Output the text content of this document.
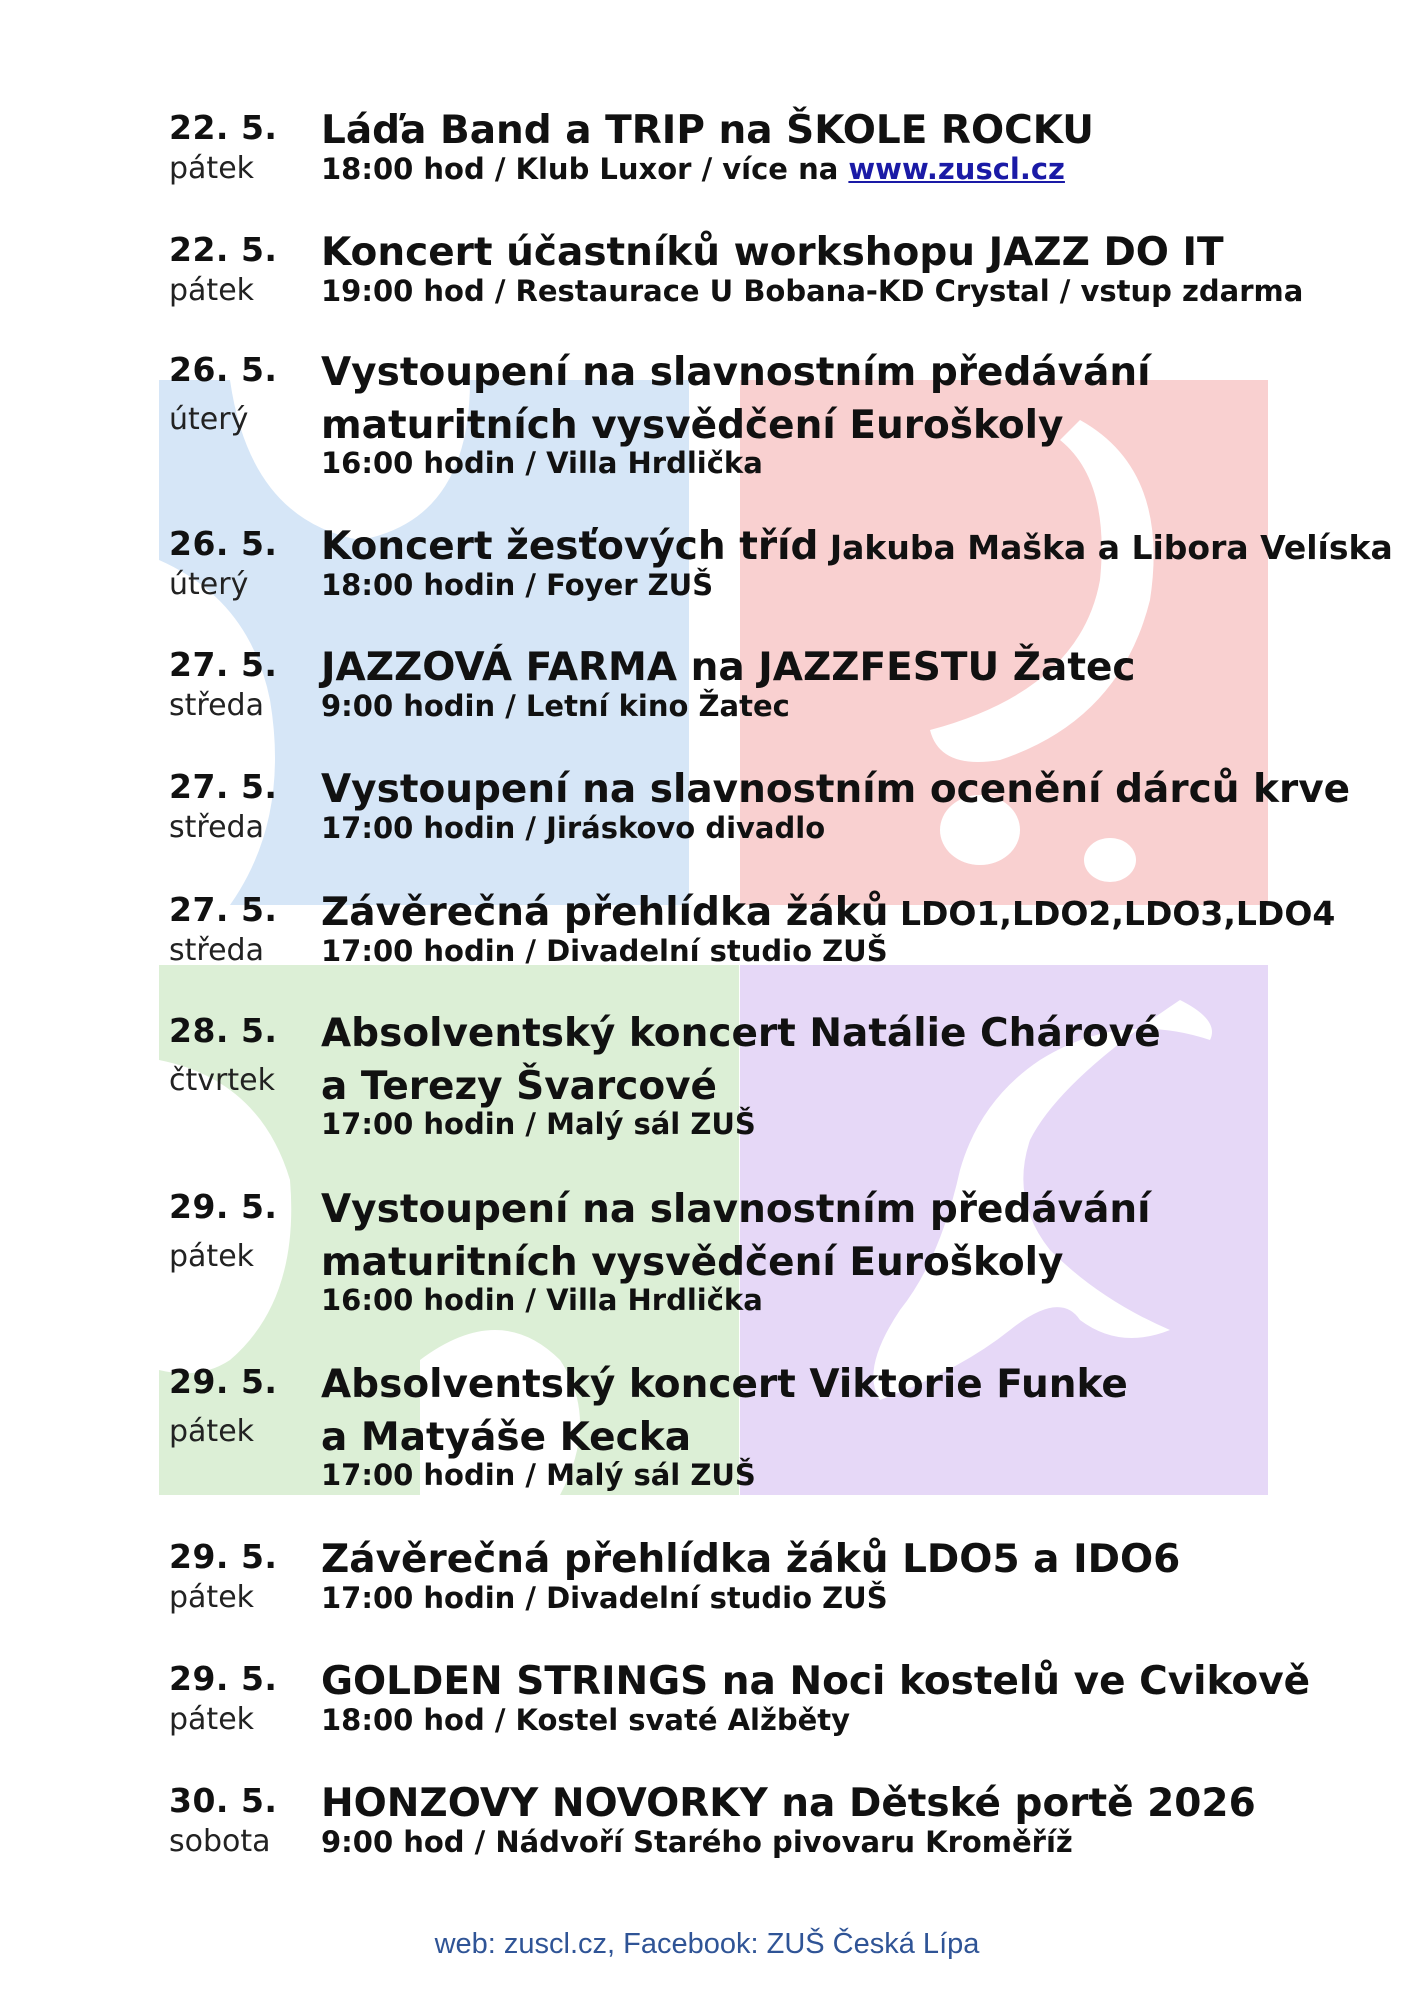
22. 5.
pátek
Láďa Band a TRIP na ŠKOLE ROCKU
18:00 hod / Klub Luxor / více na www.zuscl.cz
22. 5.
pátek
Koncert účastníků workshopu JAZZ DO IT
19:00 hod / Restaurace U Bobana-KD Crystal / vstup zdarma
26. 5.
úterý
Vystoupení na slavnostním předávání
maturitních vysvědčení Euroškoly
16:00 hodin / Villa Hrdlička
26. 5.
úterý
Koncert žesťových tříd Jakuba Maška a Libora Velíska
18:00 hodin / Foyer ZUŠ
27. 5.
středa
JAZZOVÁ FARMA na JAZZFESTU Žatec
9:00 hodin / Letní kino Žatec
27. 5.
středa
Vystoupení na slavnostním ocenění dárců krve
17:00 hodin / Jiráskovo divadlo
27. 5.
středa
Závěrečná přehlídka žáků LDO1,LDO2,LDO3,LDO4
17:00 hodin / Divadelní studio ZUŠ
28. 5.
čtvrtek
Absolventský koncert Natálie Chárové
a Terezy Švarcové
17:00 hodin / Malý sál ZUŠ
29. 5.
pátek
Vystoupení na slavnostním předávání
maturitních vysvědčení Euroškoly
16:00 hodin / Villa Hrdlička
29. 5.
pátek
Absolventský koncert Viktorie Funke
a Matyáše Kecka
17:00 hodin / Malý sál ZUŠ
29. 5.
pátek
Závěrečná přehlídka žáků LDO5 a IDO6
17:00 hodin / Divadelní studio ZUŠ
29. 5.
pátek
GOLDEN STRINGS na Noci kostelů ve Cvikově
18:00 hod / Kostel svaté Alžběty
30. 5.
sobota
HONZOVY NOVORKY na Dětské portě 2026
9:00 hod / Nádvoří Starého pivovaru Kroměříž
web: zuscl.cz, Facebook: ZUŠ Česká Lípa
